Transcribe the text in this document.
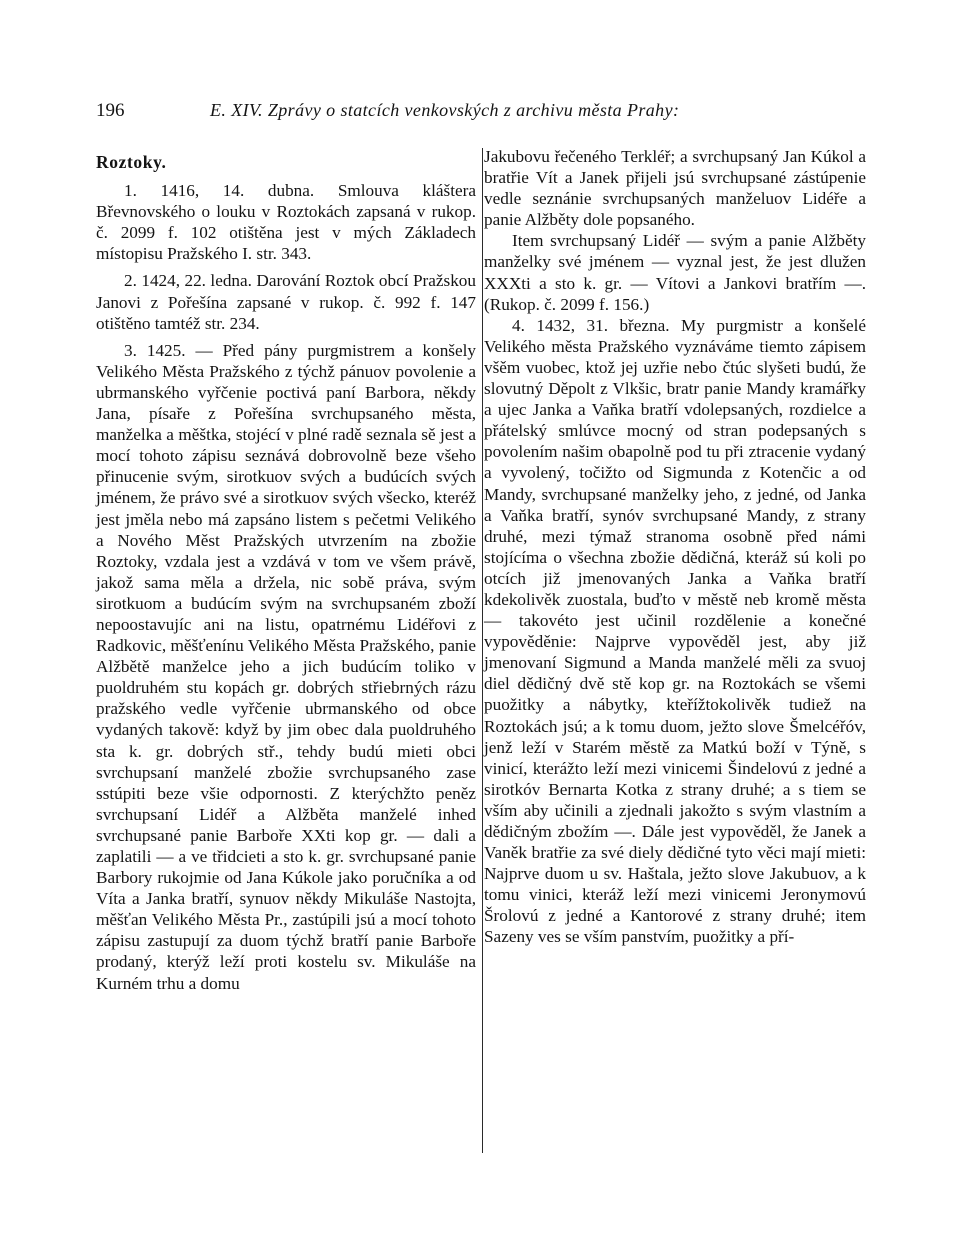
196	E. XIV. Zprávy o statcích venkovských z archivu města Prahy:
Roztoky.

1. 1416, 14. dubna. Smlouva kláštera Břevnovského o louku v Roztokách zapsaná v rukop. č. 2099 f. 102 otištěna jest v mých Základech místopisu Pražského I. str. 343.

2. 1424, 22. ledna. Darování Roztok obcí Pražskou Janovi z Pořešína zapsané v rukop. č. 992 f. 147 otištěno tamtéž str. 234.

3. 1425. — Před pány purgmistrem a konšely Velikého Města Pražského z týchž pánuov povolenie a ubrmanského vyřčenie poctivá paní Barbora, někdy Jana, písaře z Pořešína svrchupsaného města, manželka a měštka, stojécí v plné radě seznala sě jest a mocí tohoto zápisu seznává dobrovolně beze všeho přinucenie svým, sirotkuov svých a budúcích svých jménem, že právo své a sirotkuov svých všecko, kteréž jest jměla nebo má zapsáno listem s pečetmi Velikého a Nového Měst Pražských utvrzením na zbožie Roztoky, vzdala jest a vzdává v tom ve všem právě, jakož sama měla a držela, nic sobě práva, svým sirotkuom a budúcím svým na svrchupsaném zboží nepoostavujíc ani na listu, opatrnému Lidéřovi z Radkovic, měšťenínu Velikého Města Pražského, panie Alžbětě manželce jeho a jich budúcím toliko v puoldruhém stu kopách gr. dobrých střiebrných rázu pražského vedle vyřčenie ubrmanského od obce vydaných takově: když by jim obec dala puoldruhého sta k. gr. dobrých stř., tehdy budú mieti obci svrchupsaní manželé zbožie svrchupsaného zase sstúpiti beze všie odpornosti. Z kterýchžto peněz svrchupsaní Lidéř a Alžběta manželé inhed svrchupsané panie Barboře XXti kop gr. — dali a zaplatili — a ve třidcieti a sto k. gr. svrchupsané panie Barbory rukojmie od Jana Kúkole jako poručníka a od Víta a Janka bratří, synuov někdy Mikuláše Nastojta, měšťan Velikého Města Pr., zastúpili jsú a mocí tohoto zápisu zastupují za duom týchž bratří panie Barboře prodaný, kterýž leží proti kostelu sv. Mikuláše na Kurném trhu a domu

Jakubovu řečeného Terkléř; a svrchupsaný Jan Kúkol a bratřie Vít a Janek přijeli jsú svrchupsané zástúpenie vedle seznánie svrchupsaných manželuov Lidéře a panie Alžběty dole popsaného.

Item svrchupsaný Lidéř — svým a panie Alžběty manželky své jménem — vyznal jest, že jest dlužen XXXti a sto k. gr. — Vítovi a Jankovi bratřím —. (Rukop. č. 2099 f. 156.)

4. 1432, 31. března. My purgmistr a konšelé Velikého města Pražského vyznáváme tiemto zápisem všěm vuobec, ktož jej uzřie nebo čtúc slyšeti budú, že slovutný Děpolt z Vlkšic, bratr panie Mandy kramářky a ujec Janka a Vaňka bratří vdolepsaných, rozdielce a přátelský smlúvce mocný od stran podepsaných s povolením našim obapolně pod tu při ztracenie vydaný a vyvolený, točižto od Sigmunda z Kotenčic a od Mandy, svrchupsané manželky jeho, z jedné, od Janka a Vaňka bratří, synóv svrchupsané Mandy, z strany druhé, mezi týmaž stranoma osobně před námi stojícíma o všechna zbožie dědičná, kteráž sú koli po otcích již jmenovaných Janka a Vaňka bratří kdekolivěk zuostala, buďto v městě neb kromě města — takovéto jest učinil rozdělenie a konečné vypověděnie: Najprve vypověděl jest, aby již jmenovaní Sigmund a Manda manželé měli za svuoj diel dědičný dvě stě kop gr. na Roztokách se všemi puožitky a nábytky, kteřížtokolivěk tudiež na Roztokách jsú; a k tomu duom, ježto slove Šmelcéřóv, jenž leží v Starém městě za Matkú boží v Týně, s vinicí, kterážto leží mezi vinicemi Šindelovú z jedné a sirotkóv Bernarta Kotka z strany druhé; a s tiem se vším aby učinili a zjednali jakožto s svým vlastním a dědičným zbožím —. Dále jest vypověděl, že Janek a Vaněk bratřie za své diely dědičné tyto věci mají mieti: Najprve duom u sv. Haštala, ježto slove Jakubuov, a k tomu vinici, kteráž leží mezi vinicemi Jeronymovú Šrolovú z jedné a Kantorové z strany druhé; item Sazeny ves se vším panstvím, puožitky a pří-
